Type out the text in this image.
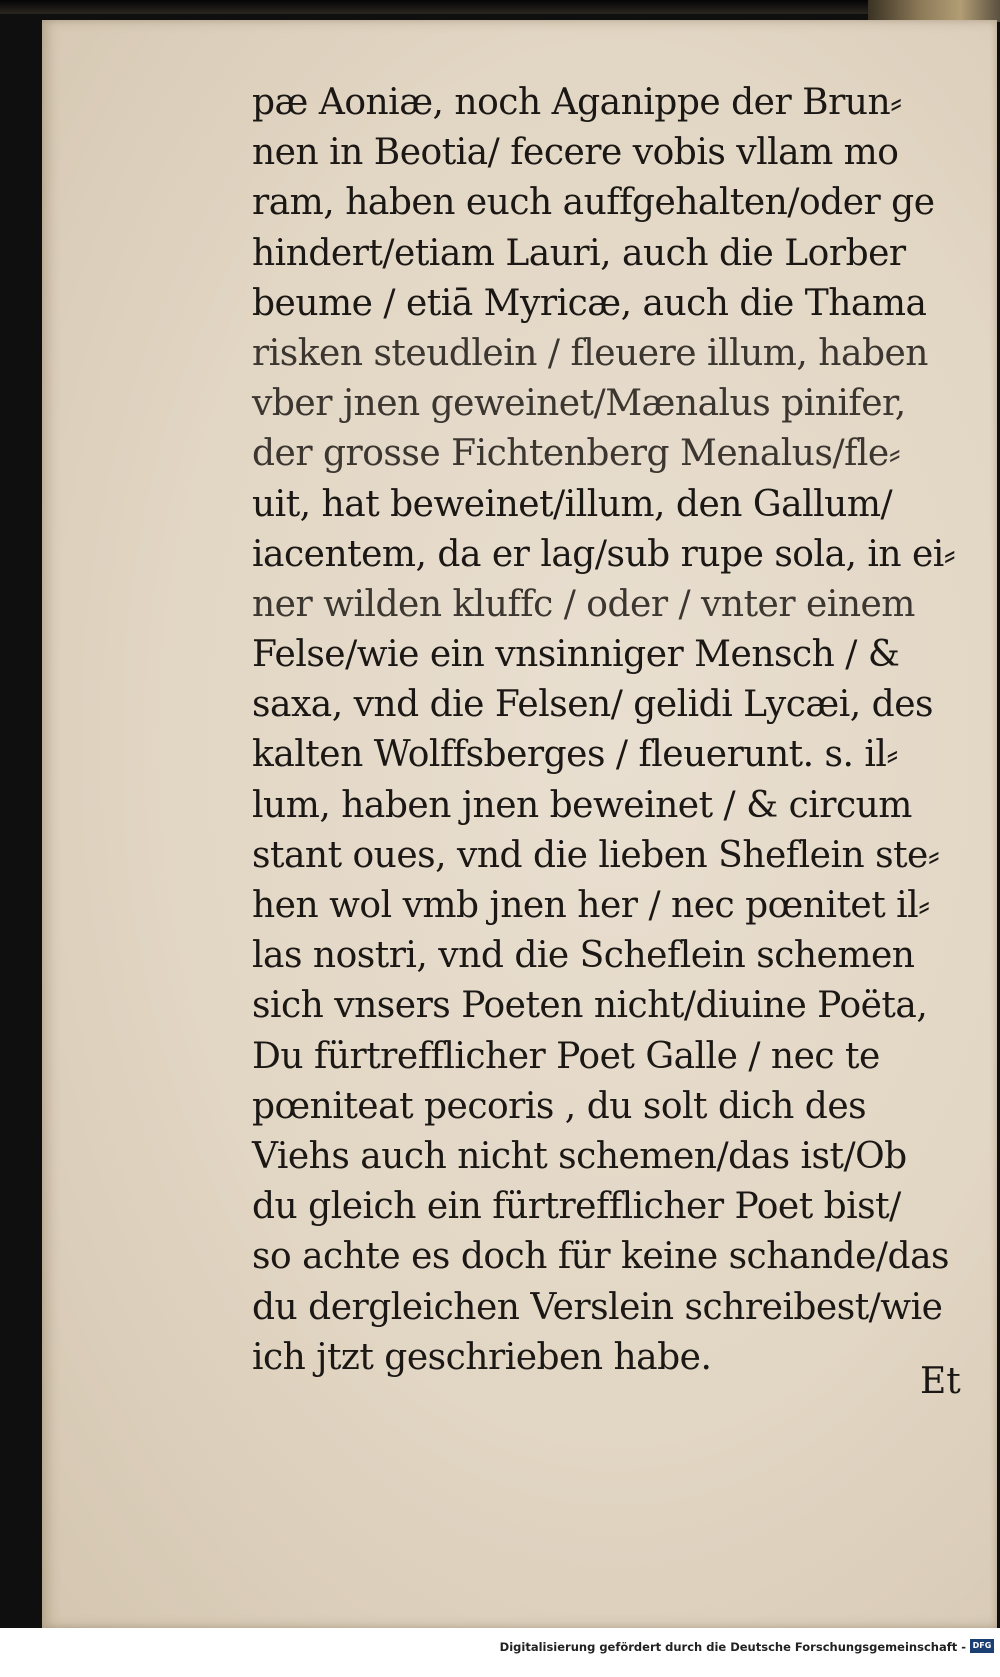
pæ Aoniæ, noch Aganippe der Brun⸗
nen in Beotia/ fecere vobis vllam mo
ram, haben euch auffgehalten/oder ge
hindert/etiam Lauri, auch die Lorber
beume / etiā Myricæ, auch die Thama
risken steudlein / fleuere illum, haben
vber jnen geweinet/Mænalus pinifer,
der grosse Fichtenberg Menalus/fle⸗
uit, hat beweinet/illum, den Gallum/
iacentem, da er lag/sub rupe sola, in ei⸗
ner wilden kluffc / oder / vnter einem
Felse/wie ein vnsinniger Mensch / &
saxa, vnd die Felsen/ gelidi Lycæi, des
kalten Wolffsberges / fleuerunt. s. il⸗
lum, haben jnen beweinet / & circum
stant oues, vnd die lieben Sheflein ste⸗
hen wol vmb jnen her / nec pœnitet il⸗
las nostri, vnd die Scheflein schemen
sich vnsers Poeten nicht/diuine Poëta,
Du fürtrefflicher Poet Galle / nec te
pœniteat pecoris , du solt dich des
Viehs auch nicht schemen/das ist/Ob
du gleich ein fürtrefflicher Poet bist/
so achte es doch für keine schande/das
du dergleichen Verslein schreibest/wie
ich jtzt geschrieben habe.
Et
Digitalisierung gefördert durch die Deutsche Forschungsgemeinschaft - DFG
